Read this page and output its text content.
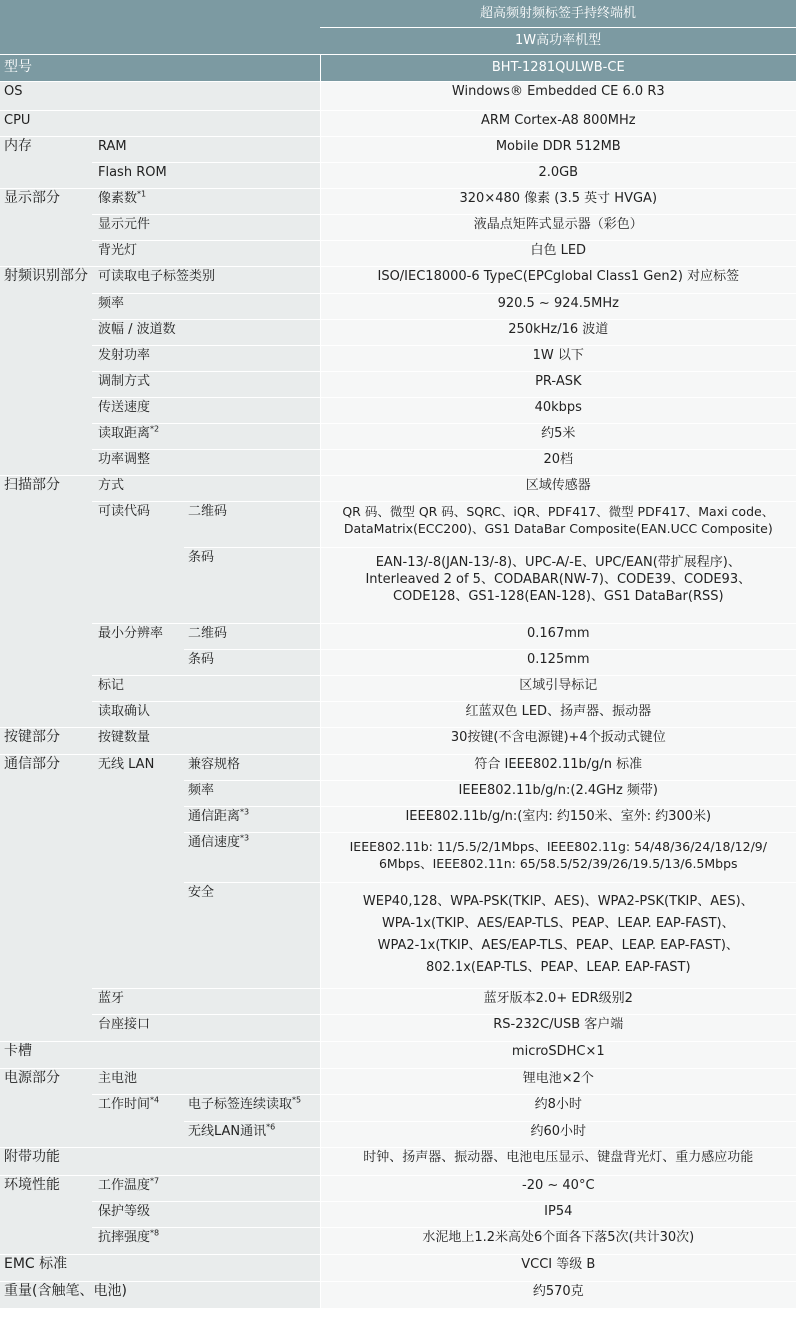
			超高频射频标签手持终端机
			1W高功率机型
型号			BHT-1281QULWB-CE
OS			Windows® Embedded CE 6.0 R3
CPU			ARM Cortex-A8 800MHz
内存	RAM		Mobile DDR 512MB
	Flash ROM		2.0GB
显示部分	像素数$^{*1}$		320×480 像素 (3.5 英寸 HVGA)
	显示元件		液晶点矩阵式显示器（彩色）
	背光灯		白色 LED
射频识别部分	可读取电子标签类别		ISO/IEC18000-6 TypeC(EPCglobal Class1 Gen2) 对应标签
	频率		920.5 ~ 924.5MHz
	波幅 / 波道数		250kHz/16 波道
	发射功率		1W 以下
	调制方式		PR-ASK
	传送速度		40kbps
	读取距离$^{*2}$		约5米
	功率调整		20档
扫描部分	方式		区域传感器
	可读代码	二维码	QR 码、微型 QR 码、SQRC、iQR、PDF417、微型 PDF417、Maxi code、
DataMatrix(ECC200)、GS1 DataBar Composite(EAN.UCC Composite)

		条码	EAN-13/-8(JAN-13/-8)、UPC-A/-E、UPC/EAN(带扩展程序)、
Interleaved 2 of 5、CODABAR(NW-7)、CODE39、CODE93、
CODE128、GS1-128(EAN-128)、GS1 DataBar(RSS)

	最小分辨率	二维码	0.167mm
		条码	0.125mm
	标记		区域引导标记
	读取确认		红蓝双色 LED、扬声器、振动器
按键部分	按键数量		30按键(不含电源键)+4个扳动式键位
通信部分	无线 LAN	兼容规格	符合 IEEE802.11b/g/n 标准
		频率	IEEE802.11b/g/n:(2.4GHz 频带)
		通信距离$^{*3}$	IEEE802.11b/g/n:(室内: 约150米、室外: 约300米)
		通信速度$^{*3}$	IEEE802.11b: 11/5.5/2/1Mbps、IEEE802.11g: 54/48/36/24/18/12/9/
6Mbps、IEEE802.11n: 65/58.5/52/39/26/19.5/13/6.5Mbps

		安全	WEP40,128、WPA-PSK(TKIP、AES)、WPA2-PSK(TKIP、AES)、
WPA-1x(TKIP、AES/EAP-TLS、PEAP、LEAP. EAP-FAST)、
WPA2-1x(TKIP、AES/EAP-TLS、PEAP、LEAP. EAP-FAST)、
802.1x(EAP-TLS、PEAP、LEAP. EAP-FAST)

	蓝牙		蓝牙版本2.0+ EDR级别2
	台座接口		RS-232C/USB 客户端
卡槽			microSDHC×1
电源部分	主电池		锂电池×2个
	工作时间$^{*4}$	电子标签连续读取$^{*5}$	约8小时
		无线LAN通讯$^{*6}$	约60小时
附带功能			时钟、扬声器、振动器、电池电压显示、键盘背光灯、重力感应功能
环境性能	工作温度$^{*7}$		-20 ~ 40°C
	保护等级		IP54
	抗摔强度$^{*8}$		水泥地上1.2米高处6个面各下落5次(共计30次)
EMC 标准			VCCI 等级 B
重量(含触笔、电池)			约570克
